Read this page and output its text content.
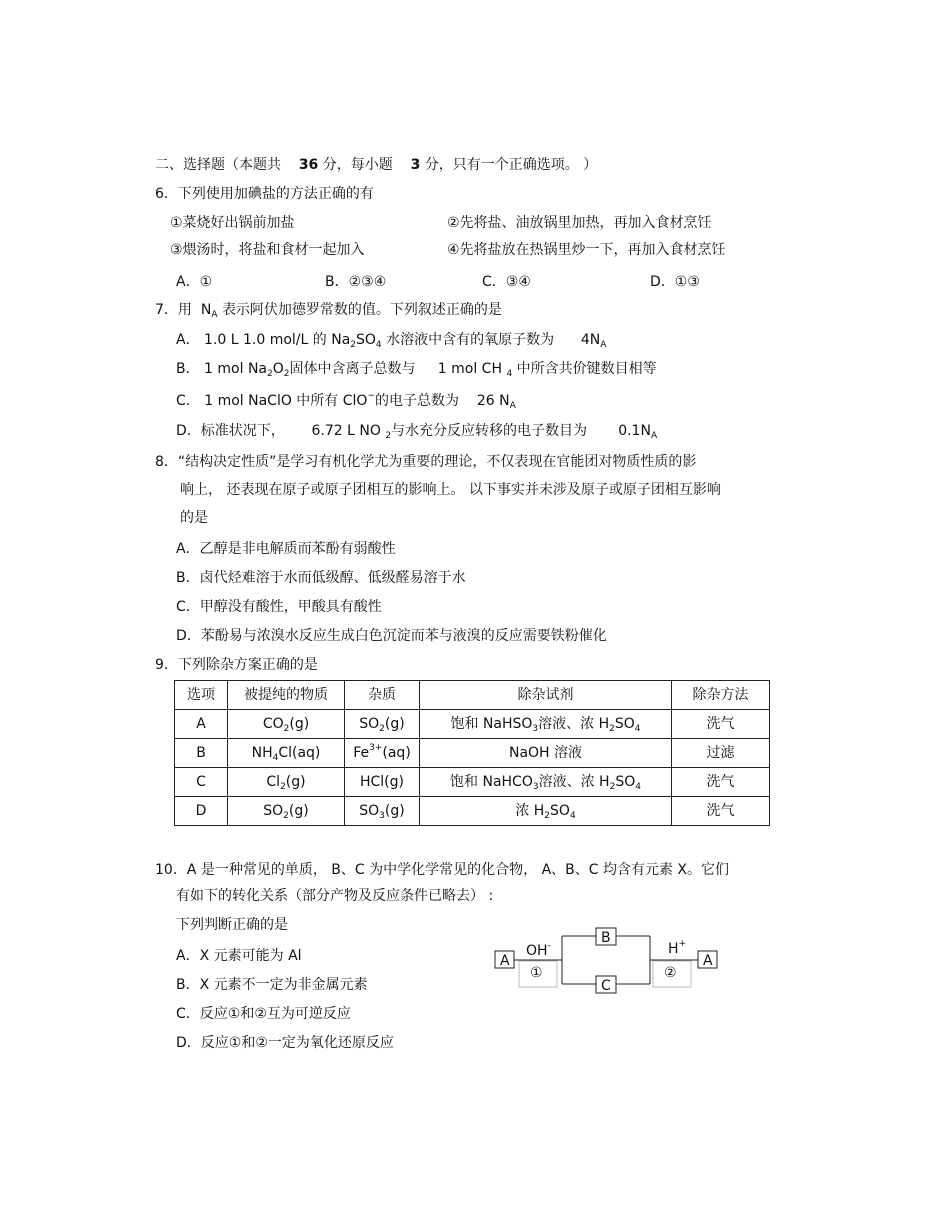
二、选择题（本题共 36 分，每小题 3 分，只有一个正确选项。 ）
6．下列使用加碘盐的方法正确的有
①菜烧好出锅前加盐	②先将盐、油放锅里加热，再加入食材烹饪
③煨汤时，将盐和食材一起加入	④先将盐放在热锅里炒一下，再加入食材烹饪
A．①	B．②③④	C．③④	D．①③
7．用 $N_A$ 表示阿伏加德罗常数的值。下列叙述正确的是
A． 1.0 L 1.0 mol/L 的 $Na_2SO_4$ 水溶液中含有的氧原子数为 $4N_A$
B． 1 mol $Na_2O_2$固体中含离子总数与 1 mol CH $_4$ 中所含共价键数目相等
C． 1 mol NaClO 中所有 ClO−的电子总数为 26 $N_A$
D．标准状况下， 6.72 L NO $_2$与水充分反应转移的电子数目为 $0.1N_A$
8．“结构决定性质”是学习有机化学尤为重要的理论，不仅表现在官能团对物质性质的影
响上， 还表现在原子或原子团相互的影响上。 以下事实并未涉及原子或原子团相互影响
的是
A．乙醇是非电解质而苯酚有弱酸性
B．卤代烃难溶于水而低级醇、低级醛易溶于水
C．甲醇没有酸性，甲酸具有酸性
D．苯酚易与浓溴水反应生成白色沉淀而苯与液溴的反应需要铁粉催化
9．下列除杂方案正确的是
选项	被提纯的物质	杂质	除杂试剂	除杂方法
A	$CO_2(g)$	$SO_2(g)$	饱和 NaHSO$_3$溶液、浓 $H_2SO_4$	洗气
B	$NH_4Cl(aq)$	$Fe^{3+}(aq)$	NaOH 溶液	过滤
C	$Cl_2(g)$	HCl(g)	饱和 NaHCO$_3$溶液、浓 $H_2SO_4$	洗气
D	$SO_2(g)$	$SO_3(g)$	浓 $H_2SO_4$	洗气
10．A 是一种常见的单质， B、C 为中学化学常见的化合物， A、B、C 均含有元素 X。它们
有如下的转化关系（部分产物及反应条件已略去） :
下列判断正确的是
A．X 元素可能为 Al
B．X 元素不一定为非金属元素
C．反应①和②互为可逆反应
D．反应①和②一定为氧化还原反应
A
B
C
A
OH-
①
H+
②
